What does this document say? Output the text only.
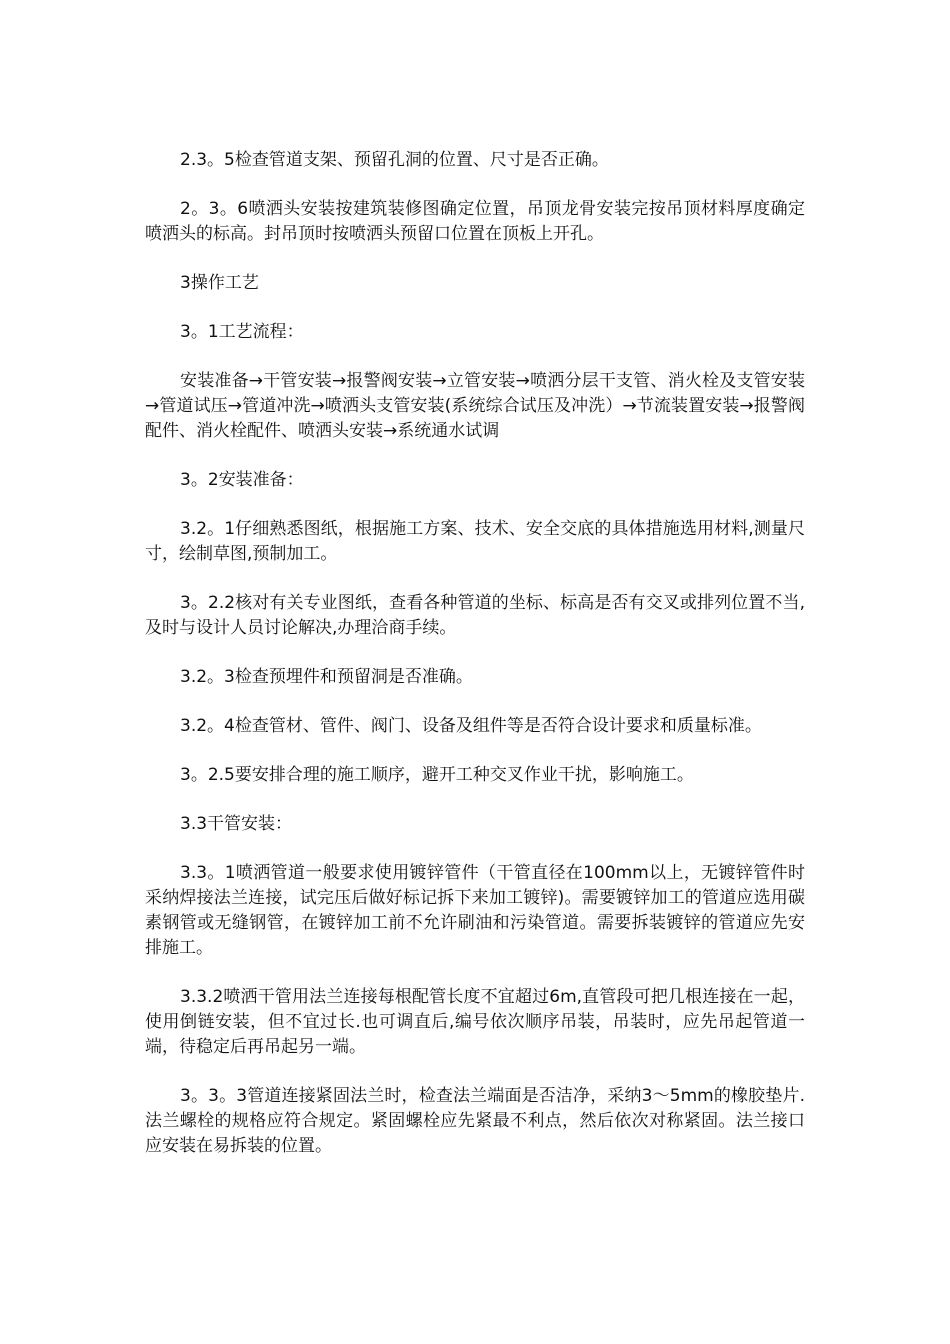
2.3。5检查管道支架、预留孔洞的位置、尺寸是否正确。

2。3。6喷洒头安装按建筑装修图确定位置，吊顶龙骨安装完按吊顶材料厚度确定喷洒头的标高。封吊顶时按喷洒头预留口位置在顶板上开孔。

3操作工艺

3。1工艺流程：

安装准备→干管安装→报警阀安装→立管安装→喷洒分层干支管、消火栓及支管安装→管道试压→管道冲洗→喷洒头支管安装(系统综合试压及冲洗）→节流装置安装→报警阀配件、消火栓配件、喷洒头安装→系统通水试调

3。2安装准备：

3.2。1仔细熟悉图纸，根据施工方案、技术、安全交底的具体措施选用材料,测量尺寸，绘制草图,预制加工。

3。2.2核对有关专业图纸，查看各种管道的坐标、标高是否有交叉或排列位置不当,及时与设计人员讨论解决,办理洽商手续。

3.2。3检查预埋件和预留洞是否准确。

3.2。4检查管材、管件、阀门、设备及组件等是否符合设计要求和质量标准。

3。2.5要安排合理的施工顺序，避开工种交叉作业干扰，影响施工。

3.3干管安装：

3.3。1喷洒管道一般要求使用镀锌管件（干管直径在100mm以上，无镀锌管件时采纳焊接法兰连接，试完压后做好标记拆下来加工镀锌)。需要镀锌加工的管道应选用碳素钢管或无缝钢管，在镀锌加工前不允许刷油和污染管道。需要拆装镀锌的管道应先安排施工。

3.3.2喷洒干管用法兰连接每根配管长度不宜超过6m,直管段可把几根连接在一起，使用倒链安装，但不宜过长.也可调直后,编号依次顺序吊装，吊装时，应先吊起管道一端，待稳定后再吊起另一端。

3。3。3管道连接紧固法兰时，检查法兰端面是否洁净，采纳3～5mm的橡胶垫片.法兰螺栓的规格应符合规定。紧固螺栓应先紧最不利点，然后依次对称紧固。法兰接口应安装在易拆装的位置。
